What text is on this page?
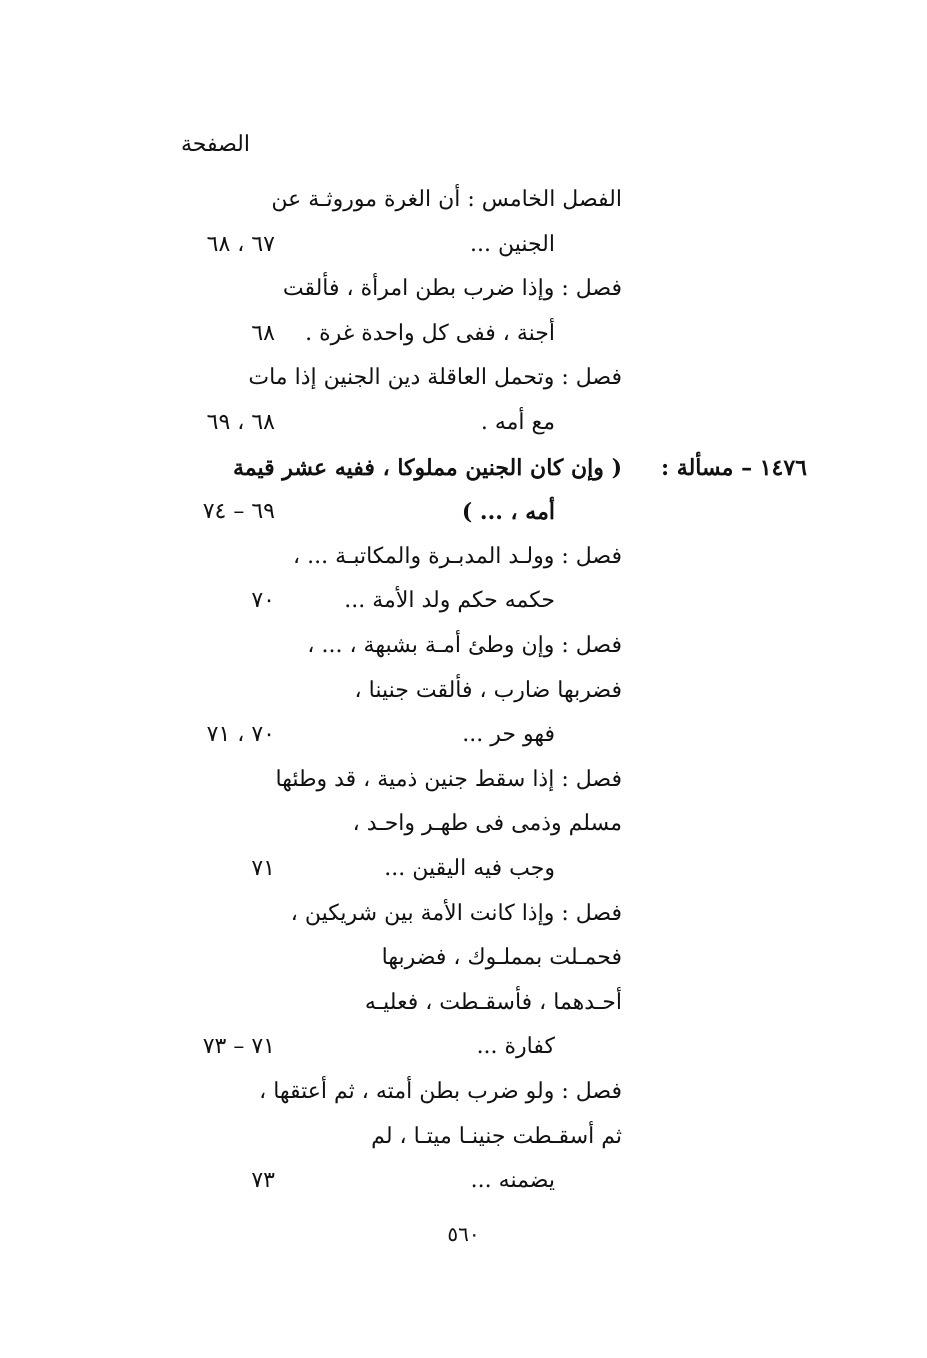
الصفحة
الفصل الخامس : أن الغرة موروثـة عن
الجنين ...
٦٧ ، ٦٨
فصل : وإذا ضرب بطن امرأة ، فألقت
أجنة ، ففى كل واحدة غرة .
٦٨
فصل : وتحمل العاقلة دين الجنين إذا مات
مع أمه .
٦٨ ، ٦٩
( وإن كان الجنين مملوكا ، ففيه عشر قيمة ١٤٧٦ – مسألة :
أمه ، ... )
٦٩ – ٧٤
فصل : وولـد المدبـرة والمكاتبـة ... ،
حكمه حكم ولد الأمة ...
٧٠
فصل : وإن وطئ أمـة بشبهة ، ... ،
فضربها ضارب ، فألقت جنينا ،
فهو حر ...
٧٠ ، ٧١
فصل : إذا سقط جنين ذمية ، قد وطئها
مسلم وذمى فى طهـر واحـد ،
وجب فيه اليقين ...
٧١
فصل : وإذا كانت الأمة بين شريكين ،
فحمـلت بمملـوك ، فضربها
أحـدهما ، فأسقـطت ، فعليـه
كفارة ...
٧١ – ٧٣
فصل : ولو ضرب بطن أمته ، ثم أعتقها ،
ثم أسقـطت جنينـا ميتـا ، لم
يضمنه ...
٧٣
٥٦٠
